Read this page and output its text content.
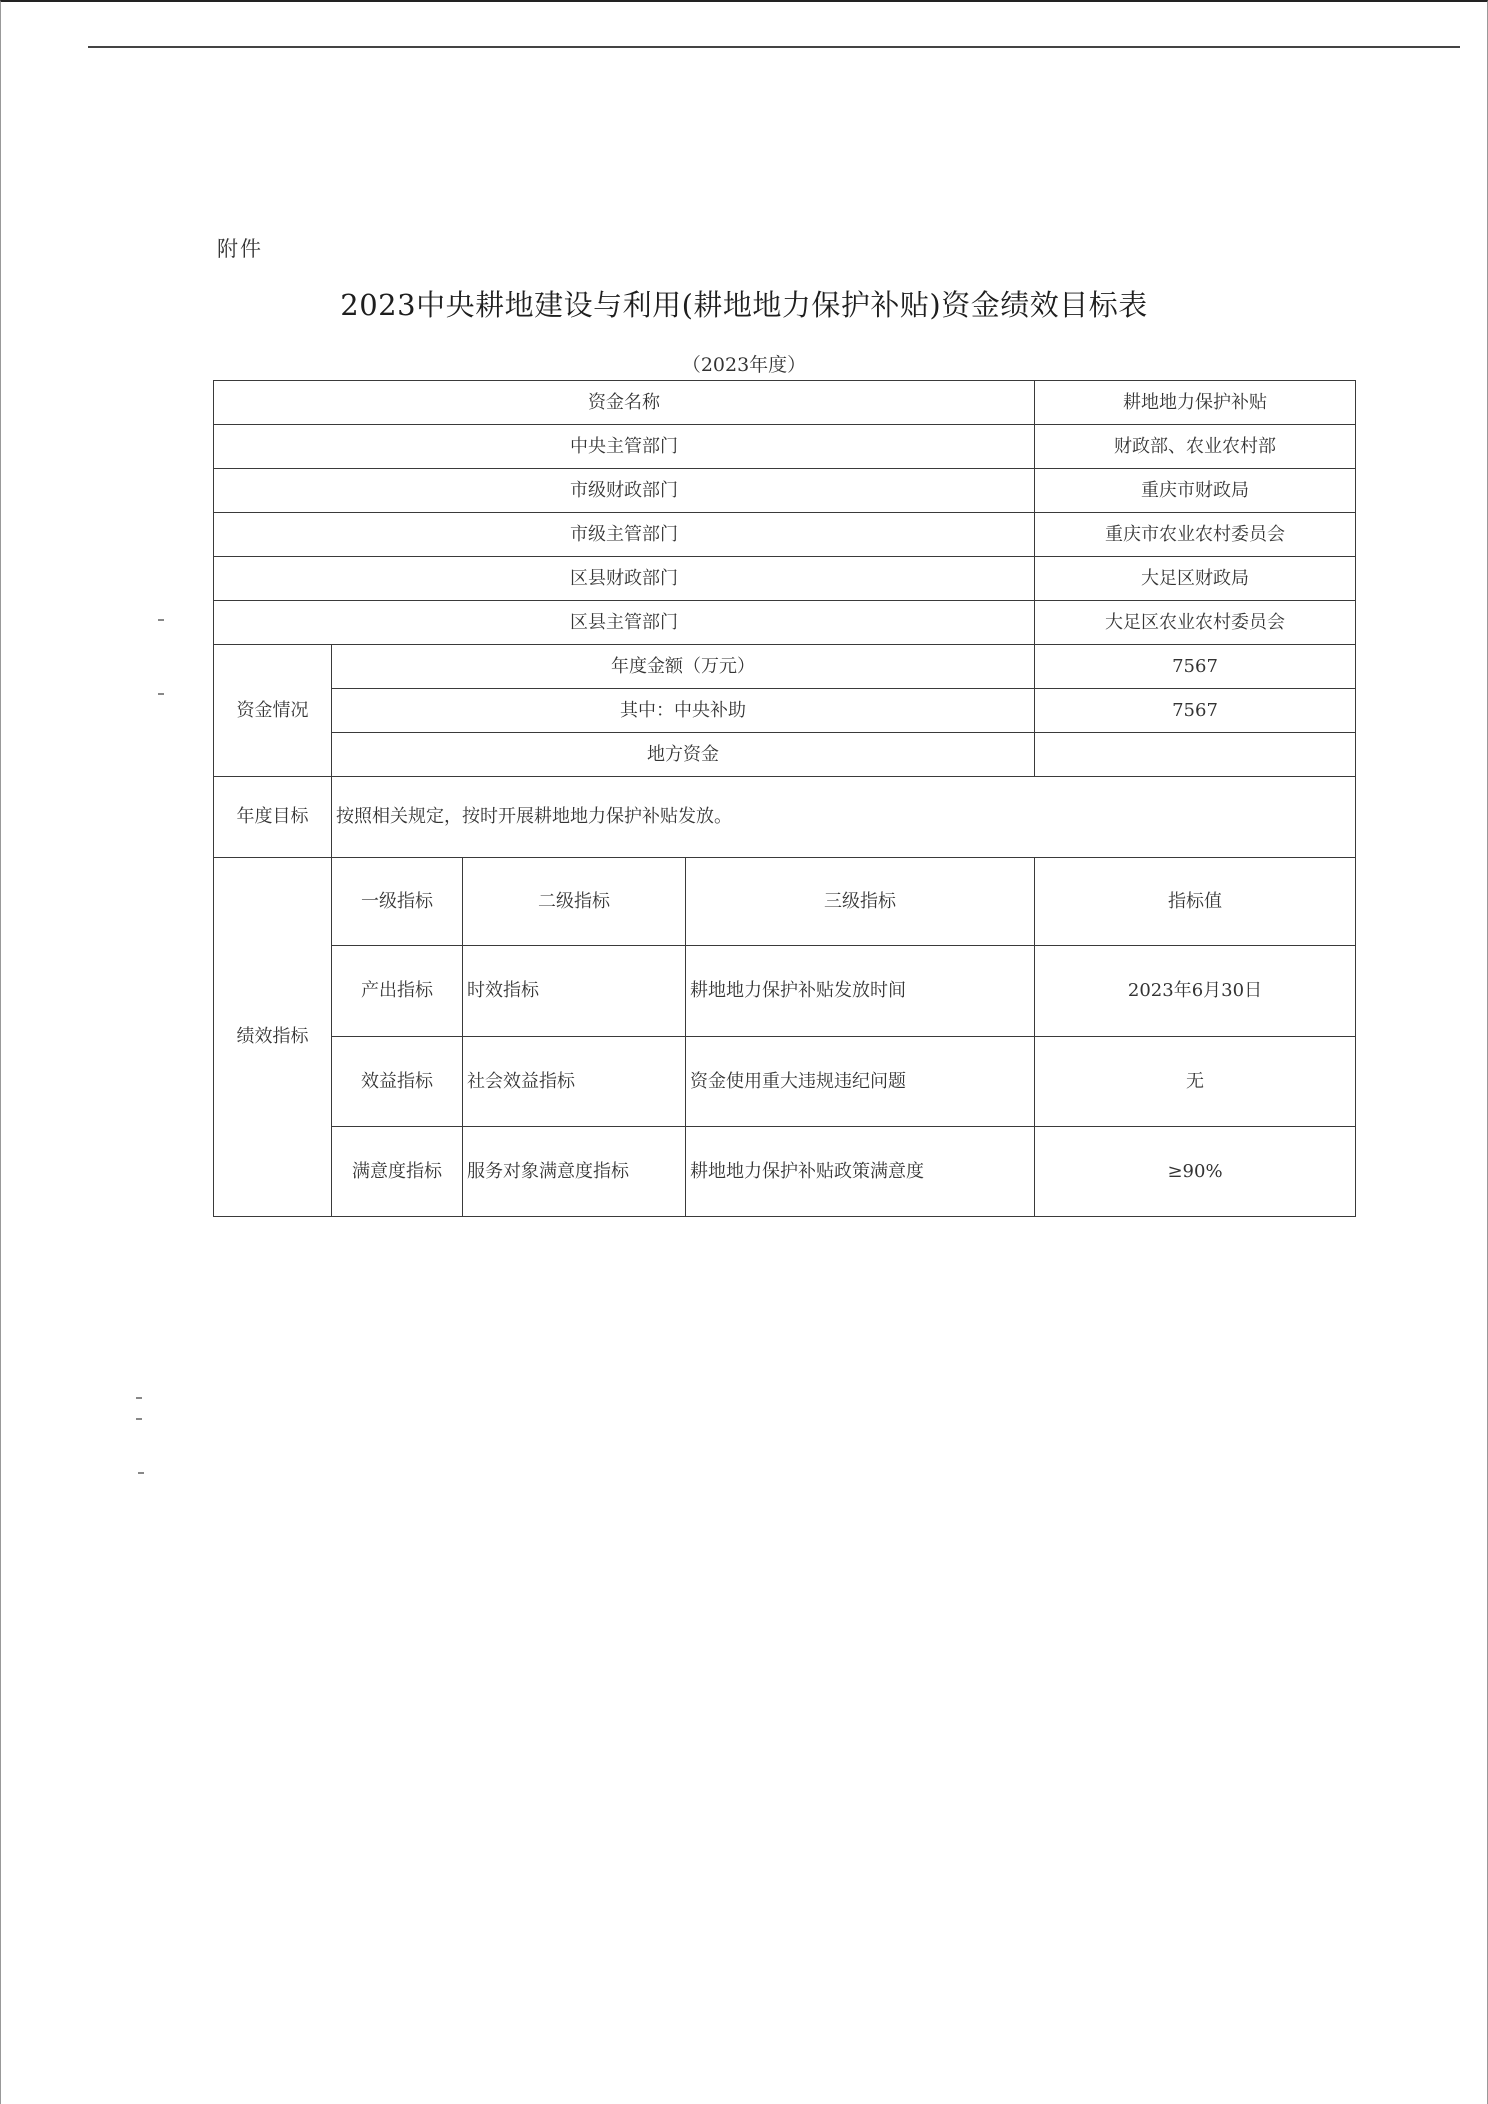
附件
2023中央耕地建设与利用(耕地地力保护补贴)资金绩效目标表
（2023年度）
资金名称				耕地地力保护补贴
中央主管部门				财政部、农业农村部
市级财政部门				重庆市财政局
市级主管部门				重庆市农业农村委员会
区县财政部门				大足区财政局
区县主管部门				大足区农业农村委员会
资金情况	年度金额（万元）			7567
	其中：中央补助			7567
	地方资金			
年度目标	按照相关规定，按时开展耕地地力保护补贴发放。			
绩效指标	一级指标	二级指标	三级指标	指标值
	产出指标	时效指标	耕地地力保护补贴发放时间	2023年6月30日
	效益指标	社会效益指标	资金使用重大违规违纪问题	无
	满意度指标	服务对象满意度指标	耕地地力保护补贴政策满意度	≥90%
